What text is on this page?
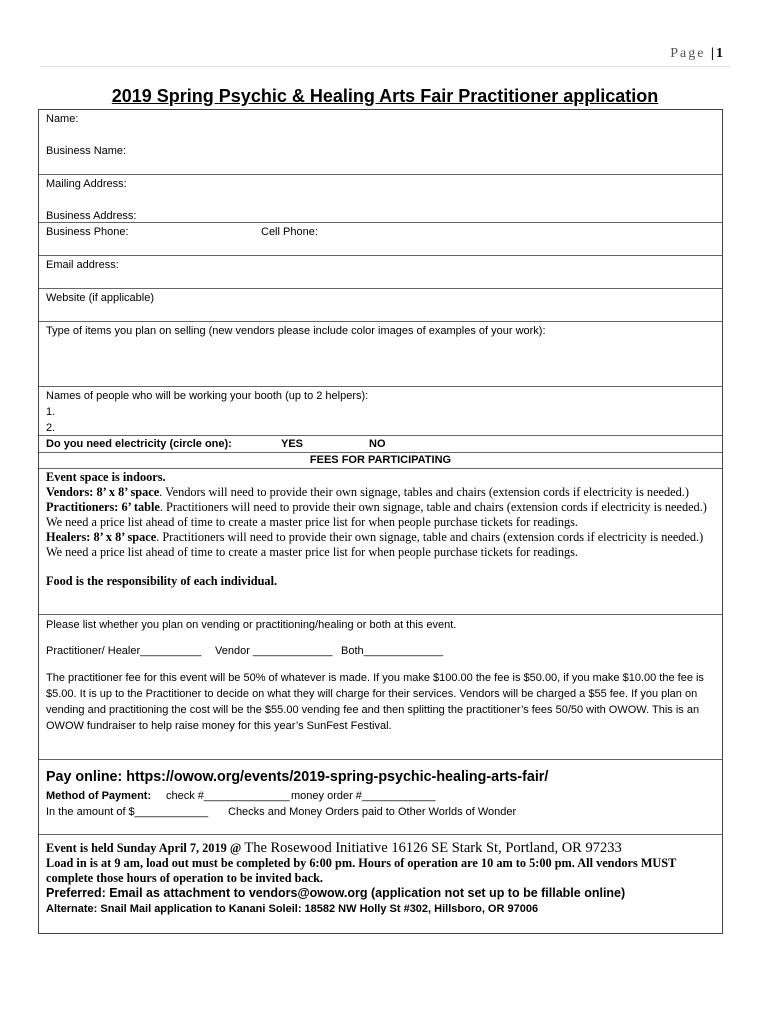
Page |1
2019 Spring Psychic & Healing Arts Fair Practitioner application
Name:
Business Name:
Mailing Address:
Business Address:
Business Phone:	Cell Phone:
Email address:
Website (if applicable)
Type of items you plan on selling (new vendors please include color images of examples of your work):
Names of people who will be working your booth (up to 2 helpers):
1.
2.
Do you need electricity (circle one):	YES	NO
FEES FOR PARTICIPATING
Event space is indoors.
Vendors: 8’ x 8’ space. Vendors will need to provide their own signage, tables and chairs (extension cords if electricity is needed.)
Practitioners: 6’ table. Practitioners will need to provide their own signage, table and chairs (extension cords if electricity is needed.) We need a price list ahead of time to create a master price list for when people purchase tickets for readings.
Healers: 8’ x 8’ space. Practitioners will need to provide their own signage, table and chairs (extension cords if electricity is needed.) We need a price list ahead of time to create a master price list for when people purchase tickets for readings.
Food is the responsibility of each individual.
Please list whether you plan on vending or practitioning/healing or both at this event.
Practitioner/ Healer__________ Vendor _____________ Both_____________
The practitioner fee for this event will be 50% of whatever is made. If you make $100.00 the fee is $50.00, if you make $10.00 the fee is $5.00. It is up to the Practitioner to decide on what they will charge for their services. Vendors will be charged a $55 fee. If you plan on vending and practitioning the cost will be the $55.00 vending fee and then splitting the practitioner’s fees 50/50 with OWOW. This is an OWOW fundraiser to help raise money for this year’s SunFest Festival.
Pay online: https://owow.org/events/2019-spring-psychic-healing-arts-fair/
Method of Payment: check #______________ money order #____________
In the amount of $____________ Checks and Money Orders paid to Other Worlds of Wonder
Event is held Sunday April 7, 2019 @ The Rosewood Initiative 16126 SE Stark St, Portland, OR 97233
Load in is at 9 am, load out must be completed by 6:00 pm. Hours of operation are 10 am to 5:00 pm. All vendors MUST complete those hours of operation to be invited back.
Preferred: Email as attachment to vendors@owow.org (application not set up to be fillable online)
Alternate: Snail Mail application to Kanani Soleil: 18582 NW Holly St #302, Hillsboro, OR 97006
